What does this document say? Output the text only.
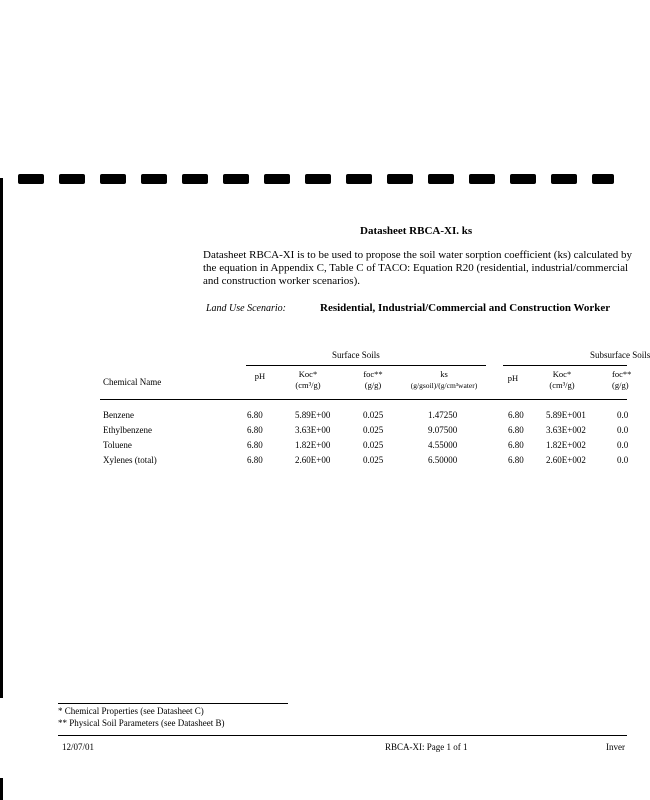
Datasheet RBCA-XI. ks
Datasheet RBCA-XI is to be used to propose the soil water sorption coefficient (ks) calculated by the equation in Appendix C, Table C of TACO: Equation R20 (residential, industrial/commercial and construction worker scenarios).
Land Use Scenario:	Residential, Industrial/Commercial and Construction Worker
Surface Soils	Subsurface Soils
Chemical Name
pH	Koc*
(cm³/g)
foc**
(g/g)
ks
(g/gsoil)/(g/cm³water)
pH	Koc*
(cm³/g)
foc**
(g/g)
Benzene	6.80	5.89E+00	0.025	1.47250	6.80 5.89E+001	0.0
Ethylbenzene	6.80	3.63E+00	0.025	9.07500	6.80 3.63E+002	0.0
Toluene	6.80	1.82E+00	0.025	4.55000	6.80 1.82E+002	0.0
Xylenes (total)	6.80	2.60E+00	0.025	6.50000	6.80 2.60E+002	0.0
* Chemical Properties (see Datasheet C)
** Physical Soil Parameters (see Datasheet B)
12/07/01	RBCA-XI: Page 1 of 1	Inver
